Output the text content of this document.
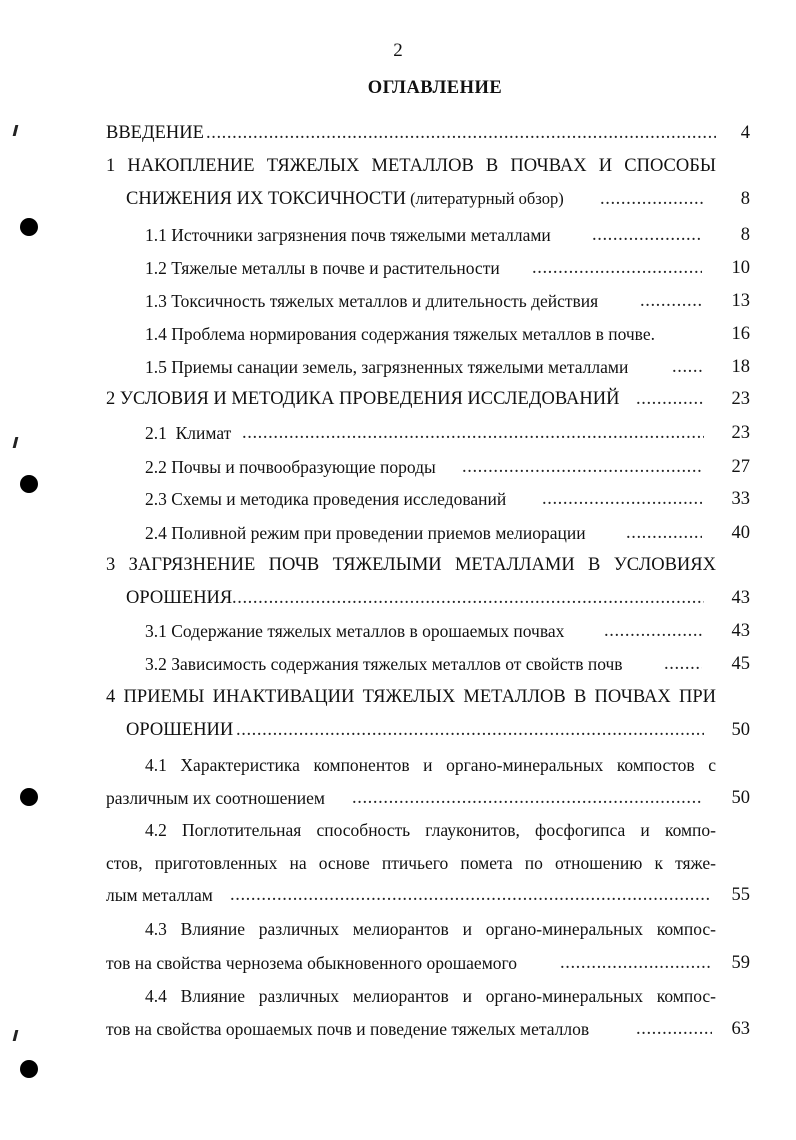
2
ОГЛАВЛЕНИЕ
ВВЕДЕНИЕ .....	4
1 НАКОПЛЕНИЕ ТЯЖЕЛЫХ МЕТАЛЛОВ В ПОЧВАХ И СПОСОБЫ
СНИЖЕНИЯ ИХ ТОКСИЧНОСТИ (литературный обзор) .....	8
1.1 Источники загрязнения почв тяжелыми металлами .....	8
1.2 Тяжелые металлы в почве и растительности .....	10
1.3 Токсичность тяжелых металлов и длительность действия .....	13
1.4 Проблема нормирования содержания тяжелых металлов в почве.	16
1.5 Приемы санации земель, загрязненных тяжелыми металлами .....	18
2 УСЛОВИЯ И МЕТОДИКА ПРОВЕДЕНИЯ ИССЛЕДОВАНИЙ .....	23
2.1  Климат .....	23
2.2 Почвы и почвообразующие породы .....	27
2.3 Схемы и методика проведения исследований .....	33
2.4 Поливной режим при проведении приемов мелиорации .....	40
3 ЗАГРЯЗНЕНИЕ ПОЧВ ТЯЖЕЛЫМИ МЕТАЛЛАМИ В УСЛОВИЯХ
ОРОШЕНИЯ .....	43
3.1 Содержание тяжелых металлов в орошаемых почвах .....	43
3.2 Зависимость содержания тяжелых металлов от свойств почв .....	45
4 ПРИЕМЫ ИНАКТИВАЦИИ ТЯЖЕЛЫХ МЕТАЛЛОВ В ПОЧВАХ ПРИ
ОРОШЕНИИ .....	50
4.1 Характеристика компонентов и органо-минеральных компостов с
различным их соотношением .....	50
4.2 Поглотительная способность глауконитов, фосфогипса и компо-
стов, приготовленных на основе птичьего помета по отношению к тяже-
лым металлам .....	55
4.3 Влияние различных мелиорантов и органо-минеральных компос-
тов на свойства чернозема обыкновенного орошаемого .....	59
4.4 Влияние различных мелиорантов и органо-минеральных компос-
тов на свойства орошаемых почв и поведение тяжелых металлов .....	63
